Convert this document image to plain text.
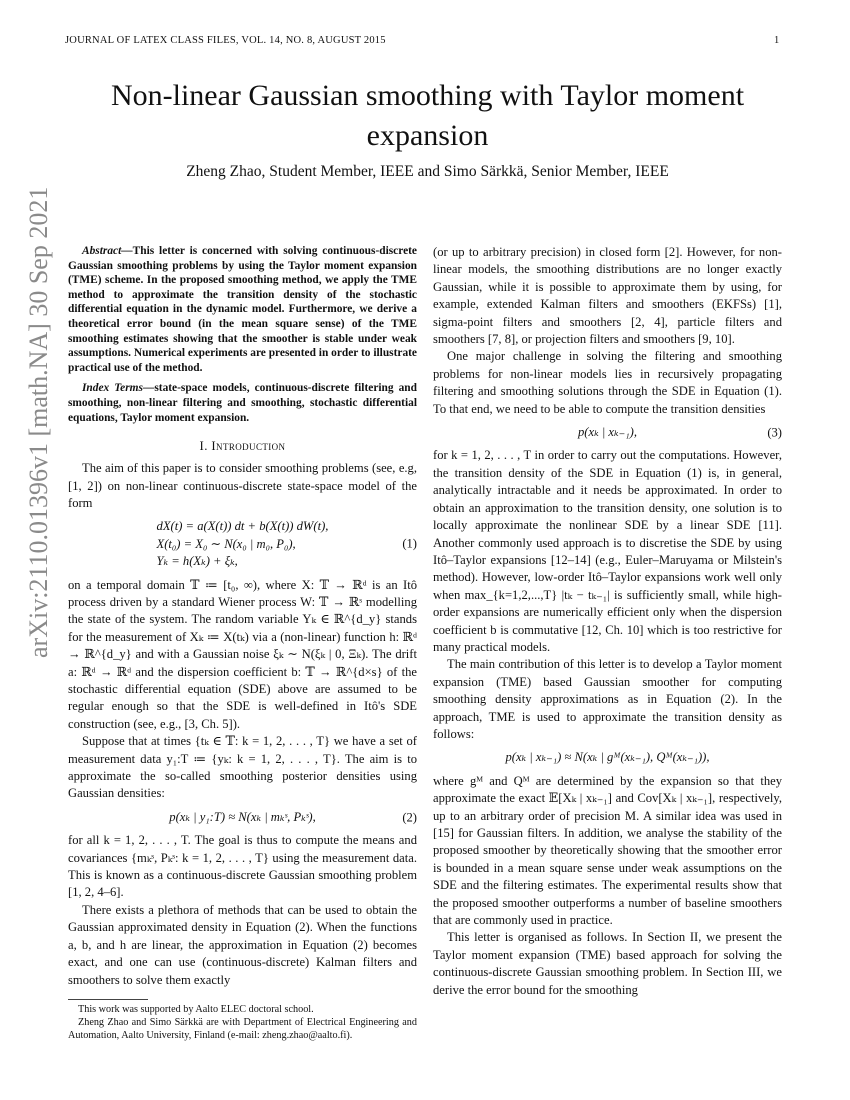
JOURNAL OF LATEX CLASS FILES, VOL. 14, NO. 8, AUGUST 2015	1
Non-linear Gaussian smoothing with Taylor moment expansion
Zheng Zhao, Student Member, IEEE and Simo Särkkä, Senior Member, IEEE
arXiv:2110.01396v1 [math.NA] 30 Sep 2021	Abstract—This letter is concerned with solving continuous-discrete Gaussian smoothing problems by using the Taylor moment expansion (TME) scheme. In the proposed smoothing method, we apply the TME method to approximate the transition density of the stochastic differential equation in the dynamic model. Furthermore, we derive a theoretical error bound (in the mean square sense) of the TME smoothing estimates showing that the smoother is stable under weak assumptions. Numerical experiments are presented in order to illustrate practical use of the method.

Index Terms—state-space models, continuous-discrete filtering and smoothing, non-linear filtering and smoothing, stochastic differential equations, Taylor moment expansion.

I. Introduction

The aim of this paper is to consider smoothing problems (see, e.g, [1, 2]) on non-linear continuous-discrete state-space model of the form

dX(t) = a(X(t)) dt + b(X(t)) dW(t),
X(t₀) = X₀ ∼ N(x₀ | m₀, P₀),
Yₖ = h(Xₖ) + ξₖ,
(1)

on a temporal domain 𝕋 ≔ [t₀, ∞), where X: 𝕋 → ℝᵈ is an Itô process driven by a standard Wiener process W: 𝕋 → ℝˢ modelling the state of the system. The random variable Yₖ ∈ ℝ^{d_y} stands for the measurement of Xₖ ≔ X(tₖ) via a (non-linear) function h: ℝᵈ → ℝ^{d_y} and with a Gaussian noise ξₖ ∼ N(ξₖ | 0, Ξₖ). The drift a: ℝᵈ → ℝᵈ and the dispersion coefficient b: 𝕋 → ℝ^{d×s} of the stochastic differential equation (SDE) above are assumed to be regular enough so that the SDE is well-defined in Itô's SDE construction (see, e.g., [3, Ch. 5]).

Suppose that at times {tₖ ∈ 𝕋: k = 1, 2, . . . , T} we have a set of measurement data y₁:T ≔ {yₖ: k = 1, 2, . . . , T}. The aim is to approximate the so-called smoothing posterior densities using Gaussian densities:

p(xₖ | y₁:T) ≈ N(xₖ | mₖˢ, Pₖˢ),	(2)

for all k = 1, 2, . . . , T. The goal is thus to compute the means and covariances {mₖˢ, Pₖˢ: k = 1, 2, . . . , T} using the measurement data. This is known as a continuous-discrete Gaussian smoothing problem [1, 2, 4–6].

There exists a plethora of methods that can be used to obtain the Gaussian approximated density in Equation (2). When the functions a, b, and h are linear, the approximation in Equation (2) becomes exact, and one can use (continuous-discrete) Kalman filters and smoothers to solve them exactly

This work was supported by Aalto ELEC doctoral school.

Zheng Zhao and Simo Särkkä are with Department of Electrical Engineering and Automation, Aalto University, Finland (e-mail: zheng.zhao@aalto.fi).

(or up to arbitrary precision) in closed form [2]. However, for non-linear models, the smoothing distributions are no longer exactly Gaussian, while it is possible to approximate them by using, for example, extended Kalman filters and smoothers (EKFSs) [1], sigma-point filters and smoothers [2, 4], particle filters and smoothers [7, 8], or projection filters and smoothers [9, 10].

One major challenge in solving the filtering and smoothing problems for non-linear models lies in recursively propagating filtering and smoothing solutions through the SDE in Equation (1). To that end, we need to be able to compute the transition densities

p(xₖ | xₖ₋₁),	(3)

for k = 1, 2, . . . , T in order to carry out the computations. However, the transition density of the SDE in Equation (1) is, in general, analytically intractable and it needs be approximated. In order to obtain an approximation to the transition density, one solution is to locally approximate the nonlinear SDE by a linear SDE [11]. Another commonly used approach is to discretise the SDE by using Itô–Taylor expansions [12–14] (e.g., Euler–Maruyama or Milstein's method). However, low-order Itô–Taylor expansions work well only when max_{k=1,2,...,T} |tₖ − tₖ₋₁| is sufficiently small, while high-order expansions are numerically efficient only when the dispersion coefficient b is commutative [12, Ch. 10] which is too restrictive for many practical models.

The main contribution of this letter is to develop a Taylor moment expansion (TME) based Gaussian smoother for computing smoothing density approximations as in Equation (2). In the approach, TME is used to approximate the transition density as follows:

p(xₖ | xₖ₋₁) ≈ N(xₖ | gᴹ(xₖ₋₁), Qᴹ(xₖ₋₁)),

where gᴹ and Qᴹ are determined by the expansion so that they approximate the exact 𝔼[Xₖ | xₖ₋₁] and Cov[Xₖ | xₖ₋₁], respectively, up to an arbitrary order of precision M. A similar idea was used in [15] for Gaussian filters. In addition, we analyse the stability of the proposed smoother by theoretically showing that the smoother error is bounded in a mean square sense under weak assumptions on the SDE and the filtering estimates. The experimental results show that the proposed smoother outperforms a number of baseline smoothers that are commonly used in practice.

This letter is organised as follows. In Section II, we present the Taylor moment expansion (TME) based approach for solving the continuous-discrete Gaussian smoothing problem. In Section III, we derive the error bound for the smoothing
